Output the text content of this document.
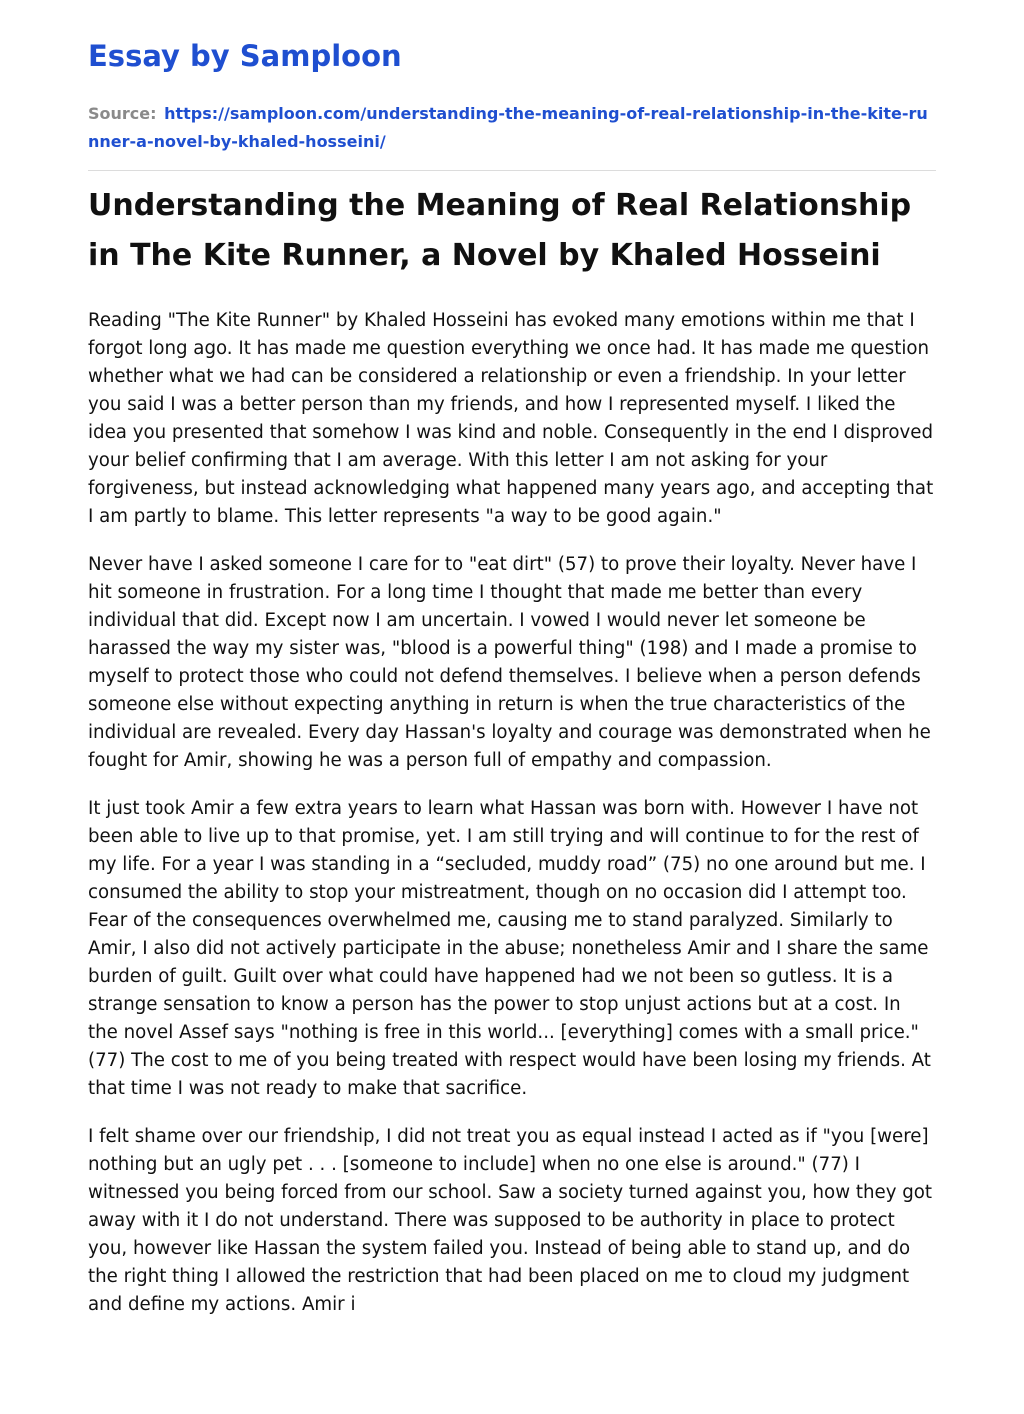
Essay by Samploon
Source: https://samploon.com/understanding-the-meaning-of-real-relationship-in-the-kite-runner-a-novel-by-khaled-hosseini/
Understanding the Meaning of Real Relationship in The Kite Runner, a Novel by Khaled Hosseini

Reading "The Kite Runner" by Khaled Hosseini has evoked many emotions within me that I forgot long ago. It has made me question everything we once had. It has made me question whether what we had can be considered a relationship or even a friendship. In your letter you said I was a better person than my friends, and how I represented myself. I liked the idea you presented that somehow I was kind and noble. Consequently in the end I disproved your belief confirming that I am average. With this letter I am not asking for your forgiveness, but instead acknowledging what happened many years ago, and accepting that I am partly to blame. This letter represents "a way to be good again."

Never have I asked someone I care for to "eat dirt" (57) to prove their loyalty. Never have I hit someone in frustration. For a long time I thought that made me better than every individual that did. Except now I am uncertain. I vowed I would never let someone be harassed the way my sister was, "blood is a powerful thing" (198) and I made a promise to myself to protect those who could not defend themselves. I believe when a person defends someone else without expecting anything in return is when the true characteristics of the individual are revealed. Every day Hassan's loyalty and courage was demonstrated when he fought for Amir, showing he was a person full of empathy and compassion.

It just took Amir a few extra years to learn what Hassan was born with. However I have not been able to live up to that promise, yet. I am still trying and will continue to for the rest of my life. For a year I was standing in a “secluded, muddy road” (75) no one around but me. I consumed the ability to stop your mistreatment, though on no occasion did I attempt too. Fear of the consequences overwhelmed me, causing me to stand paralyzed. Similarly to Amir, I also did not actively participate in the abuse; nonetheless Amir and I share the same burden of guilt. Guilt over what could have happened had we not been so gutless. It is a strange sensation to know a person has the power to stop unjust actions but at a cost. In the novel Assef says "nothing is free in this world... [everything] comes with a small price." (77) The cost to me of you being treated with respect would have been losing my friends. At that time I was not ready to make that sacrifice.

I felt shame over our friendship, I did not treat you as equal instead I acted as if "you [were] nothing but an ugly pet . . . [someone to include] when no one else is around." (77) I witnessed you being forced from our school. Saw a society turned against you, how they got away with it I do not understand. There was supposed to be authority in place to protect you, however like Hassan the system failed you. Instead of being able to stand up, and do the right thing I allowed the restriction that had been placed on me to cloud my judgment and define my actions. Amir i
